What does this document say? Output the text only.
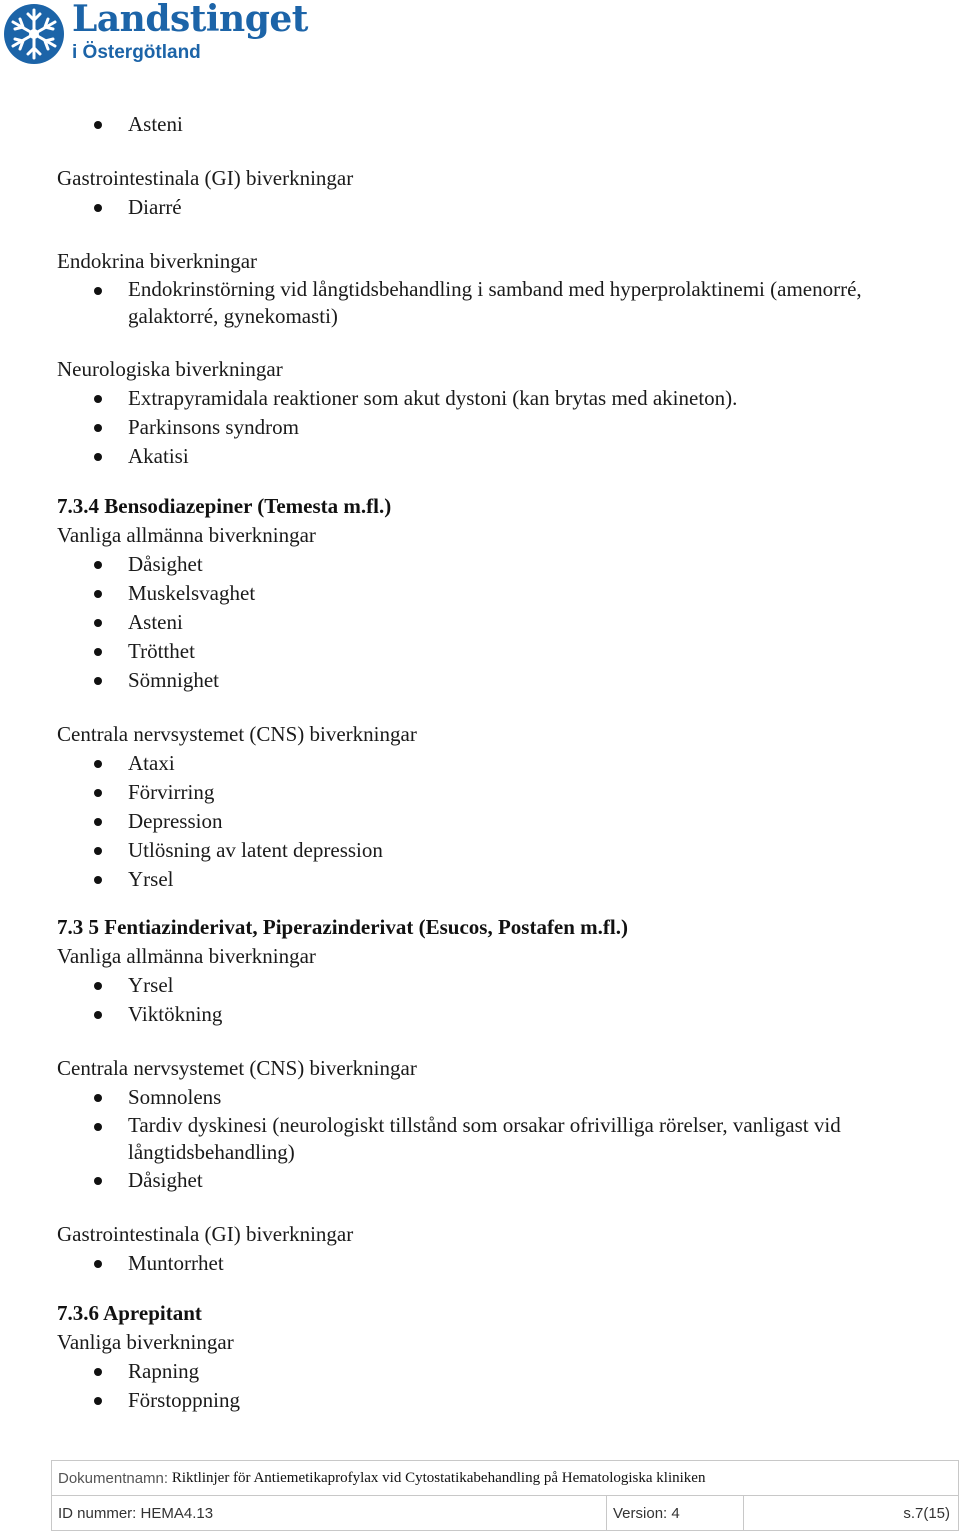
Landstinget
i Östergötland
Asteni

Gastrointestinala (GI) biverkningar

Diarré

Endokrina biverkningar

Endokrinstörning vid långtidsbehandling i samband med hyperprolaktinemi (amenorré, galaktorré, gynekomasti)

Neurologiska biverkningar

Extrapyramidala reaktioner som akut dystoni (kan brytas med akineton).
Parkinsons syndrom
Akatisi

7.3.4 Bensodiazepiner (Temesta m.fl.)

Vanliga allmänna biverkningar

Dåsighet
Muskelsvaghet
Asteni
Trötthet
Sömnighet

Centrala nervsystemet (CNS) biverkningar

Ataxi
Förvirring
Depression
Utlösning av latent depression
Yrsel

7.3 5 Fentiazinderivat, Piperazinderivat (Esucos, Postafen m.fl.)

Vanliga allmänna biverkningar

Yrsel
Viktökning

Centrala nervsystemet (CNS) biverkningar

Somnolens
Tardiv dyskinesi (neurologiskt tillstånd som orsakar ofrivilliga rörelser, vanligast vid långtidsbehandling)
Dåsighet

Gastrointestinala (GI) biverkningar

Muntorrhet

7.3.6 Aprepitant

Vanliga biverkningar

Rapning
Förstoppning
Dokumentnamn:
Riktlinjer för Antiemetikaprofylax vid Cytostatikabehandling på Hematologiska kliniken
ID nummer: HEMA4.13	Version: 4	s.7(15)
